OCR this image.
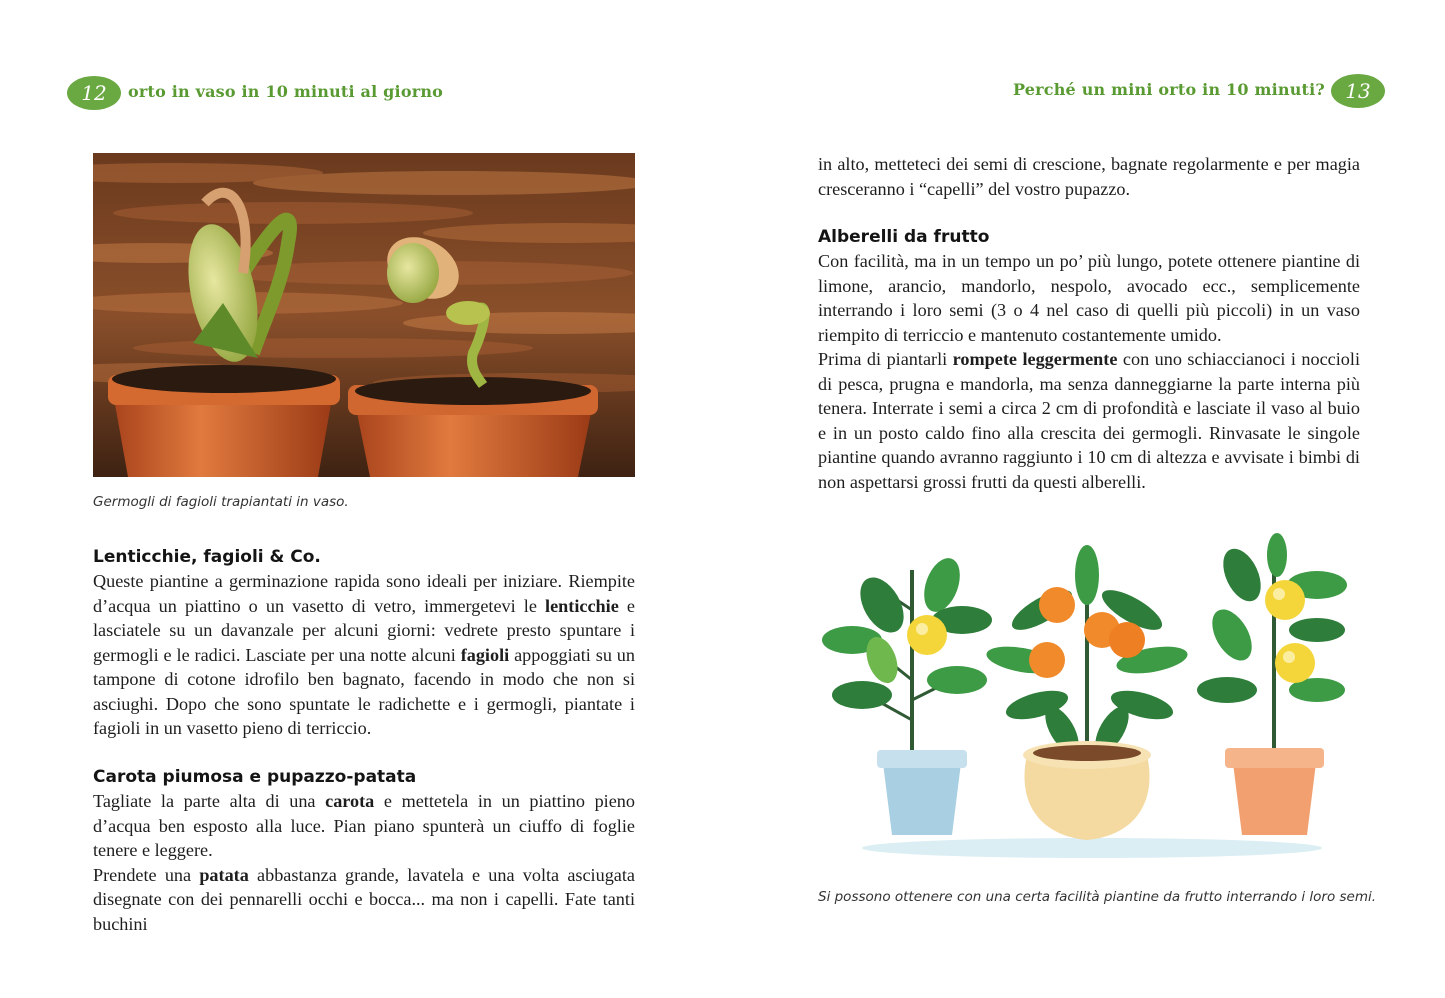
12	orto in vaso in 10 minuti al giorno
Germogli di fagioli trapiantati in vaso.
Lenticchie, fagioli & Co.

Queste piantine a germinazione rapida sono ideali per iniziare. Riempite d’acqua un piattino o un vasetto di vetro, immergetevi le lenticchie e lasciatele su un davanzale per alcuni giorni: vedrete presto spuntare i germogli e le radici. Lasciate per una notte alcuni fagioli appoggiati su un tampone di cotone idrofilo ben bagnato, facendo in modo che non si asciughi. Dopo che sono spuntate le radichette e i germogli, piantate i fagioli in un vasetto pieno di terriccio.

Carota piumosa e pupazzo-patata

Tagliate la parte alta di una carota e mettetela in un piattino pieno d’acqua ben esposto alla luce. Pian piano spunterà un ciuffo di foglie tenere e leggere.
Prendete una patata abbastanza grande, lavatela e una volta asciugata disegnate con dei pennarelli occhi e bocca... ma non i capelli. Fate tanti buchini

Perché un mini orto in 10 minuti?	13

in alto, metteteci dei semi di crescione, bagnate regolarmente e per magia cresceranno i “capelli” del vostro pupazzo.

Alberelli da frutto

Con facilità, ma in un tempo un po’ più lungo, potete ottenere piantine di limone, arancio, mandorlo, nespolo, avocado ecc., semplicemente interrando i loro semi (3 o 4 nel caso di quelli più piccoli) in un vaso riempito di terriccio e mantenuto costantemente umido.
Prima di piantarli rompete leggermente con uno schiaccianoci i noccioli di pesca, prugna e mandorla, ma senza danneggiarne la parte interna più tenera. Interrate i semi a circa 2 cm di profondità e lasciate il vaso al buio e in un posto caldo fino alla crescita dei germogli. Rinvasate le singole piantine quando avranno raggiunto i 10 cm di altezza e avvisate i bimbi di non aspettarsi grossi frutti da questi alberelli.

Si possono ottenere con una certa facilità piantine da frutto interrando i loro semi.
